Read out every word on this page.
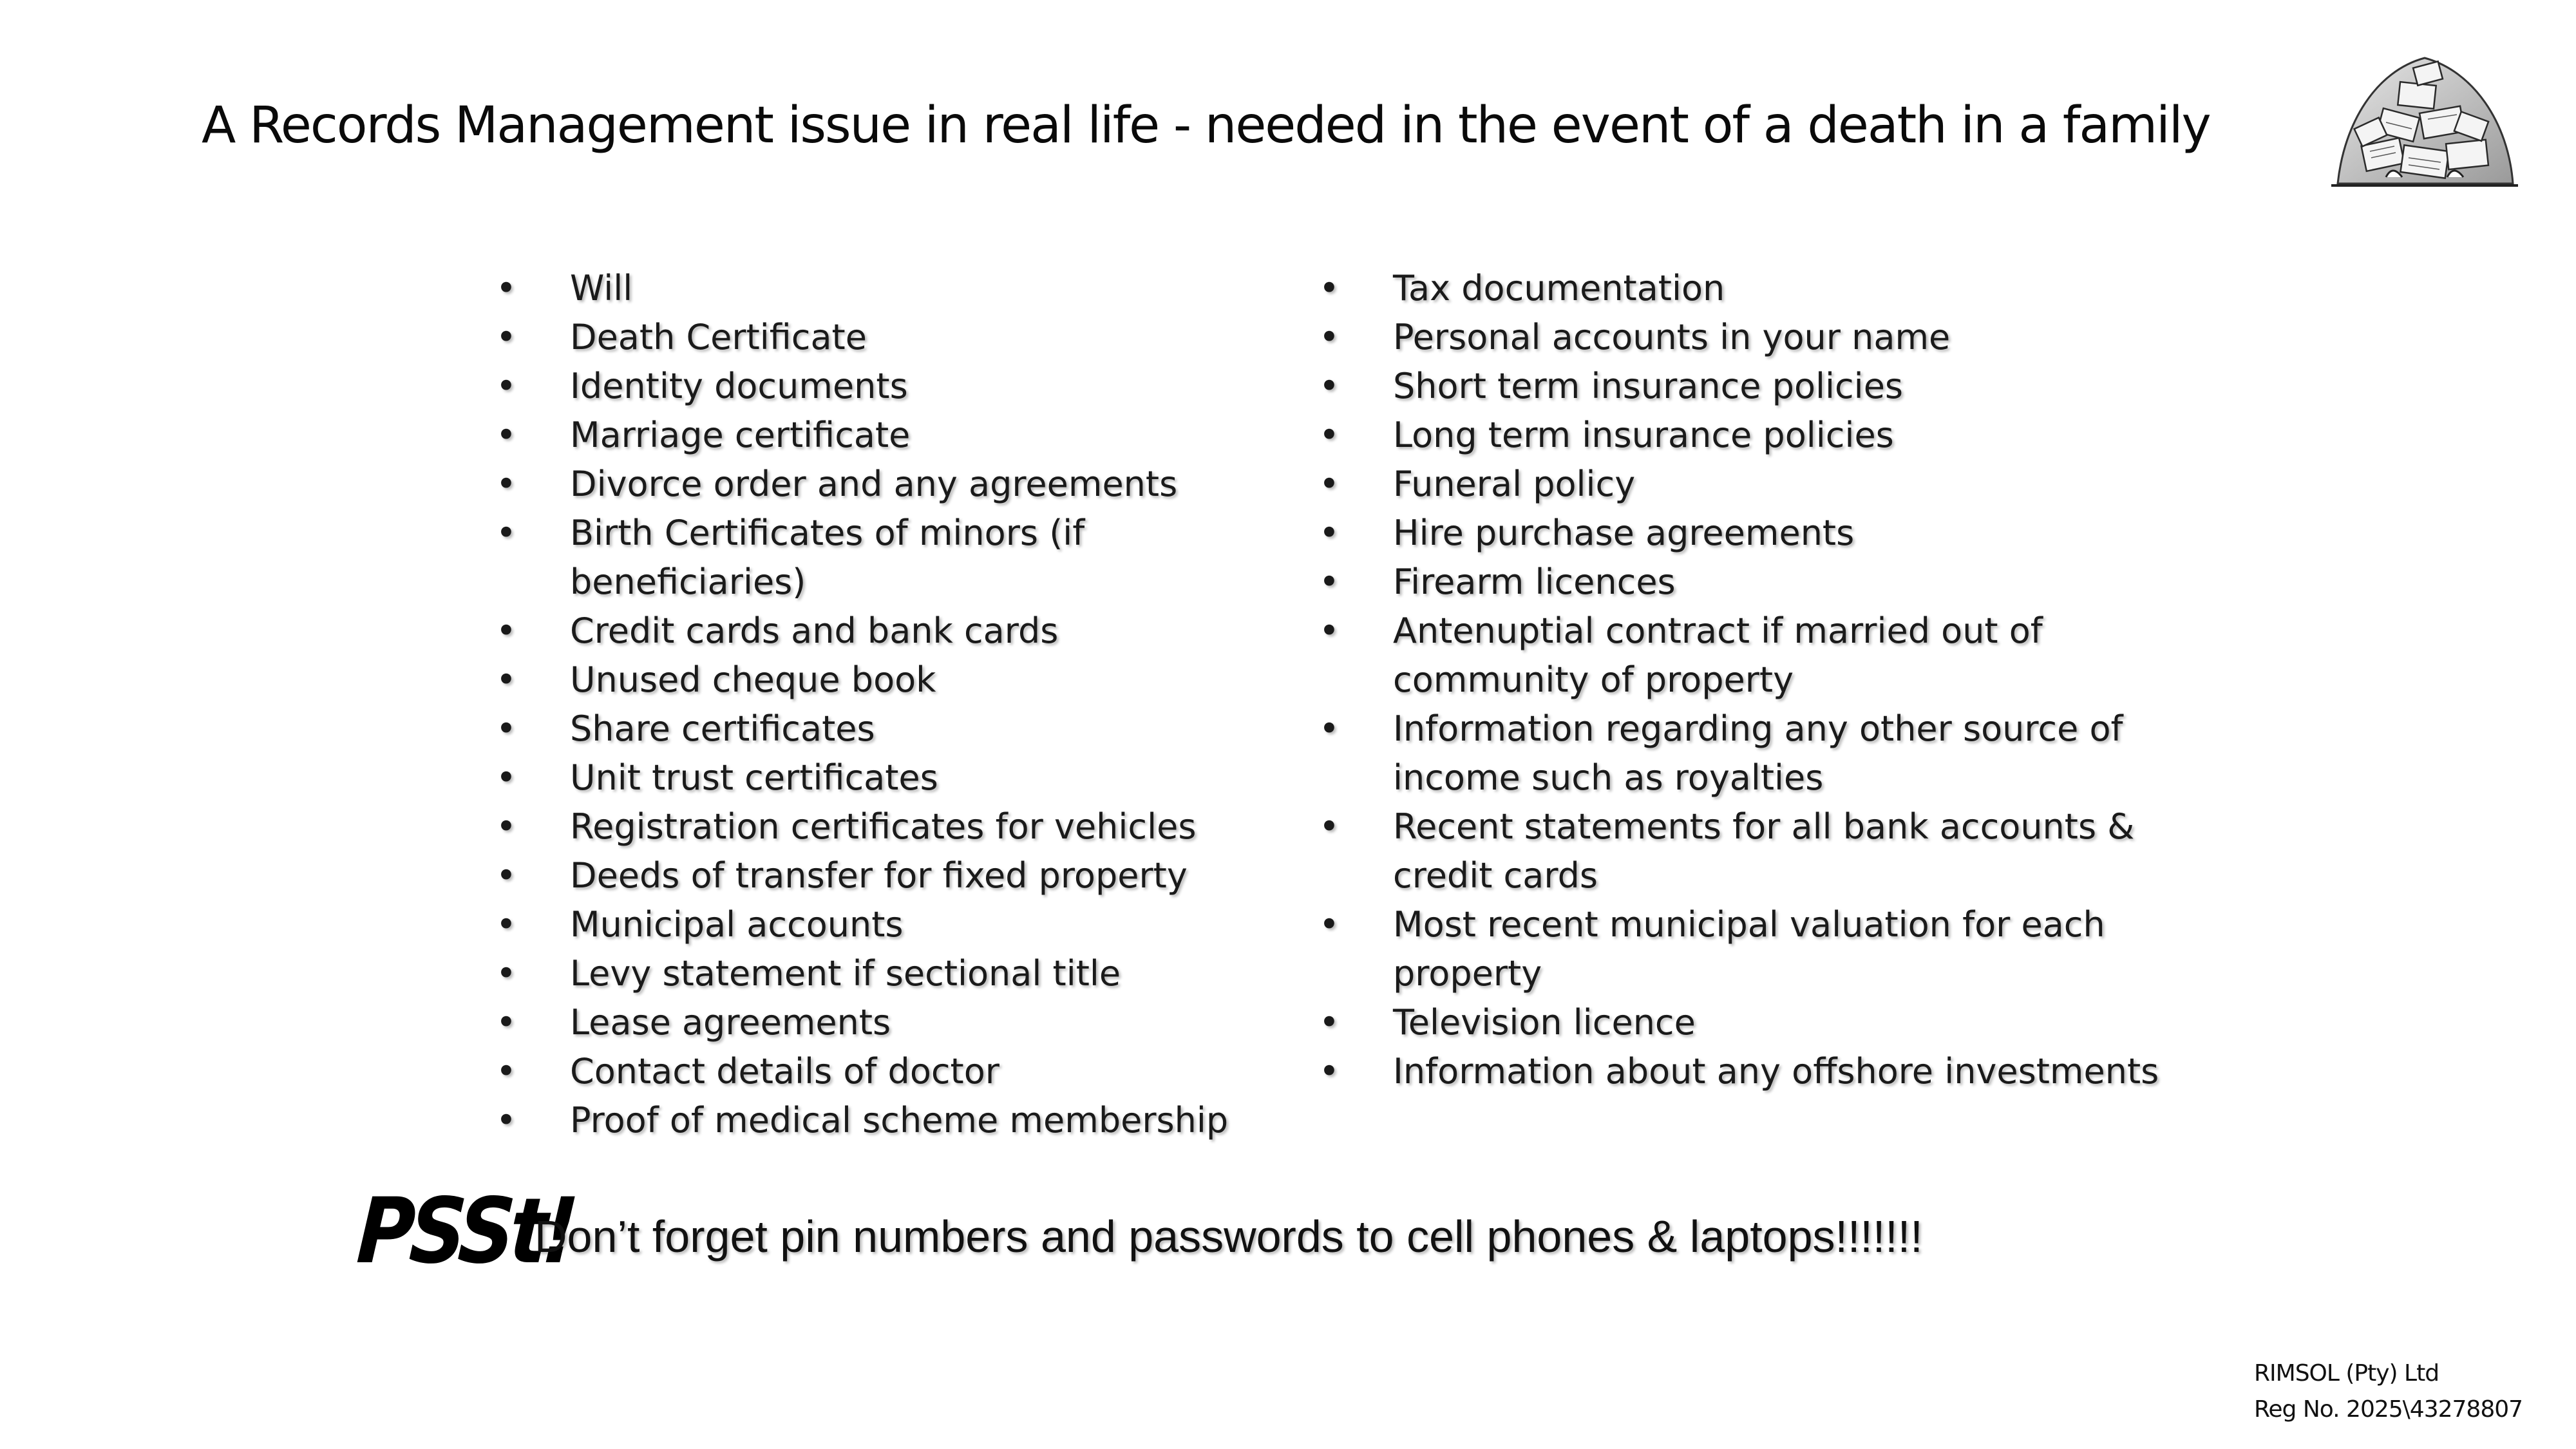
A Records Management issue in real life - needed in the event of a death in a family
• Will
• Death Certificate
• Identity documents
• Marriage certificate
• Divorce order and any agreements
• Birth Certificates of minors (if beneficiaries)
• Credit cards and bank cards
• Unused cheque book
• Share certificates
• Unit trust certificates
• Registration certificates for vehicles
• Deeds of transfer for fixed property
• Municipal accounts
• Levy statement if sectional title
• Lease agreements
• Contact details of doctor
• Proof of medical scheme membership
• Tax documentation
• Personal accounts in your name
• Short term insurance policies
• Long term insurance policies
• Funeral policy
• Hire purchase agreements
• Firearm licences
• Antenuptial contract if married out of community of property
• Information regarding any other source of income such as royalties
• Recent statements for all bank accounts & credit cards
• Most recent municipal valuation for each property
• Television licence
• Information about any offshore investments
PSSt!
Don’t forget pin numbers and passwords to cell phones & laptops!!!!!!!
RIMSOL (Pty) Ltd
Reg No. 2025\43278807
